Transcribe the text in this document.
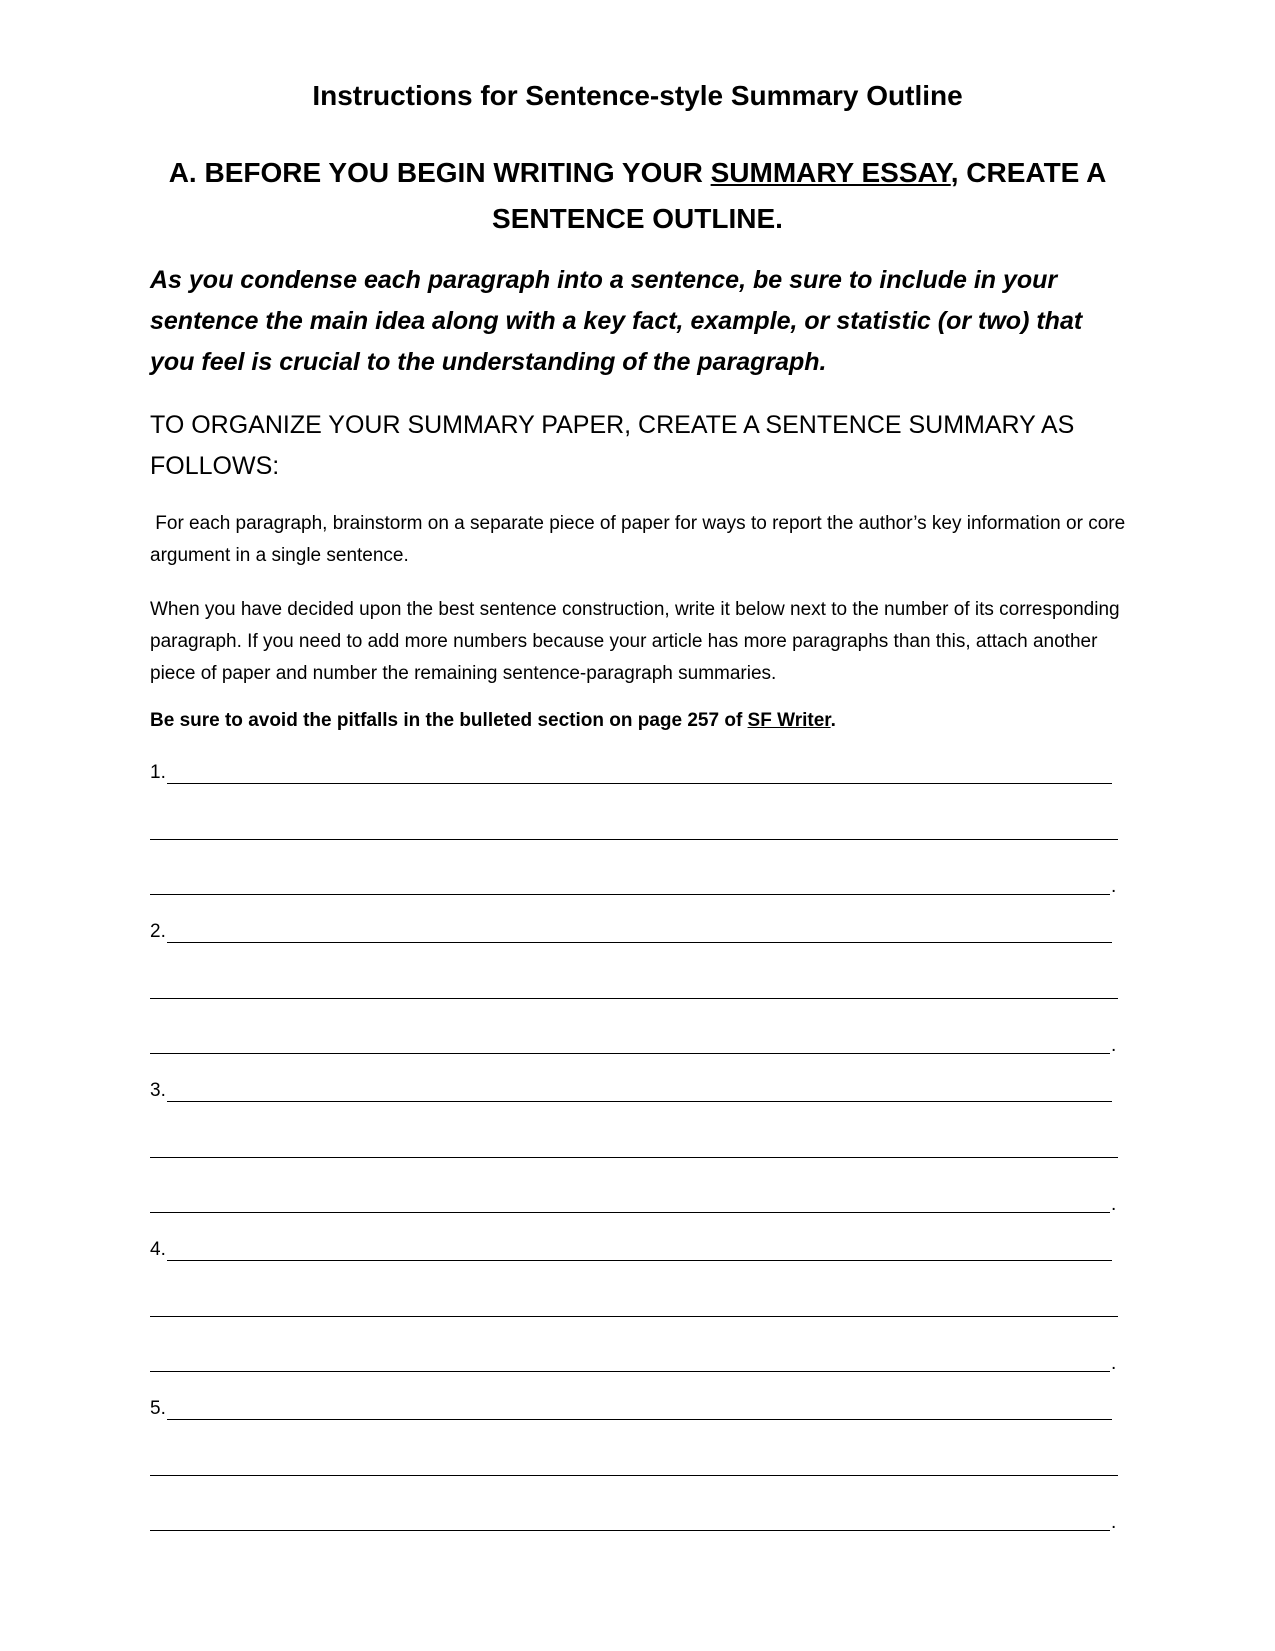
Instructions for Sentence-style Summary Outline
A. BEFORE YOU BEGIN WRITING YOUR SUMMARY ESSAY, CREATE A SENTENCE OUTLINE.

As you condense each paragraph into a sentence, be sure to include in your sentence the main idea along with a key fact, example, or statistic (or two) that you feel is crucial to the understanding of the paragraph.

TO ORGANIZE YOUR SUMMARY PAPER, CREATE A SENTENCE SUMMARY AS FOLLOWS:

For each paragraph, brainstorm on a separate piece of paper for ways to report the author’s key information or core argument in a single sentence.

When you have decided upon the best sentence construction, write it below next to the number of its corresponding paragraph. If you need to add more numbers because your article has more paragraphs than this, attach another piece of paper and number the remaining sentence-paragraph summaries.

Be sure to avoid the pitfalls in the bulleted section on page 257 of SF Writer.

1.
.
2.
.
3.
.
4.
.
5.
.
